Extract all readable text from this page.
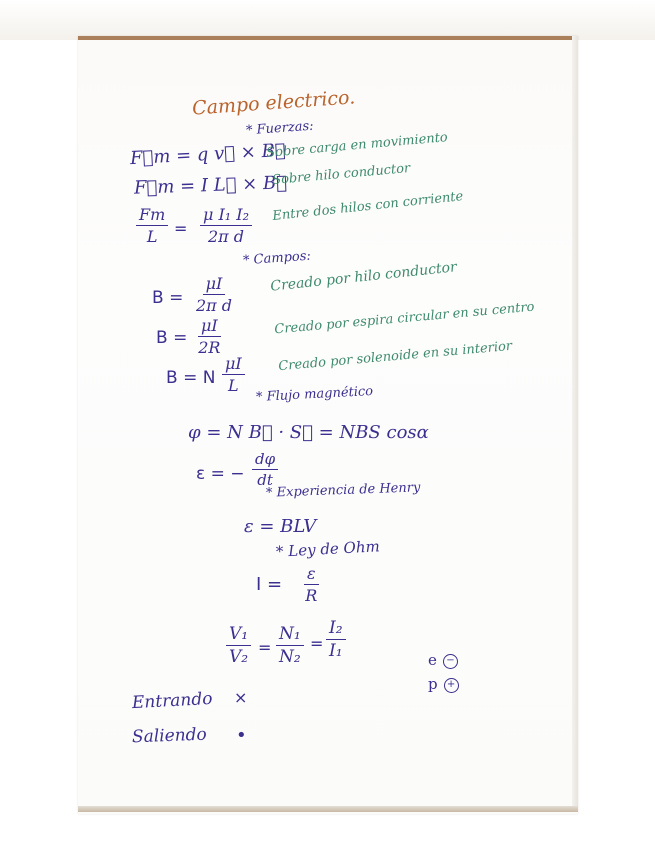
Campo electrico.
* Fuerzas:
F⃗m = q v⃗ × B⃗
Sobre carga en movimiento
F⃗m = I L⃗ × B⃗
Sobre hilo conductor
$\frac{Fm}{L} = \frac{\text{μ I₁ I₂}}{\text{2π d}}$
Entre dos hilos con corriente
* Campos:
$B = \frac{\mu I}{\text{2π d}}$	Creado por hilo conductor
$B = \frac{\mu I}{2R}$	Creado por espira circular en su centro
B = N $\frac{\mu I}{L}$	Creado por solenoide en su interior
* Flujo magnético
φ = N B⃗ · S⃗ = NBS cosα
ε = − $\frac{d\varphi}{dt}$
* Experiencia de Henry
ε = BLV
* Ley de Ohm
$I = \frac{\varepsilon}{R}$
$\frac{\text{V₁}}{\text{V₂}} = \frac{\text{N₁}}{\text{N₂}} = \frac{\text{I₂}}{\text{I₁}}$	e −
p +
Entrando ×
Saliendo •
